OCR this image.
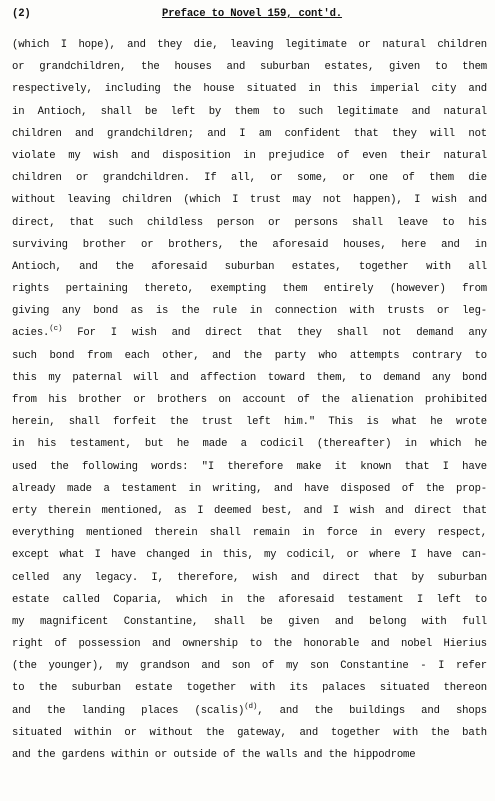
(2)	Preface to Novel 159, cont'd.
(which I hope), and they die, leaving legitimate or natural children
or grandchildren, the houses and suburban estates, given to them
respectively, including the house situated in this imperial city and
in Antioch, shall be left by them to such legitimate and natural
children and grandchildren; and I am confident that they will not
violate my wish and disposition in prejudice of even their natural
children or grandchildren. If all, or some, or one of them die
without leaving children (which I trust may not happen), I wish and
direct, that such childless person or persons shall leave to his
surviving brother or brothers, the aforesaid houses, here and in
Antioch, and the aforesaid suburban estates, together with all
rights pertaining thereto, exempting them entirely (however) from
giving any bond as is the rule in connection with trusts or leg-
acies.$^{(c)}$ For I wish and direct that they shall not demand any
such bond from each other, and the party who attempts contrary to
this my paternal will and affection toward them, to demand any bond
from his brother or brothers on account of the alienation prohibited
herein, shall forfeit the trust left him." This is what he wrote
in his testament, but he made a codicil (thereafter) in which he
used the following words: "I therefore make it known that I have
already made a testament in writing, and have disposed of the prop-
erty therein mentioned, as I deemed best, and I wish and direct that
everything mentioned therein shall remain in force in every respect,
except what I have changed in this, my codicil, or where I have can-
celled any legacy. I, therefore, wish and direct that by suburban
estate called Coparia, which in the aforesaid testament I left to
my magnificent Constantine, shall be given and belong with full
right of possession and ownership to the honorable and nobel Hierius
(the younger), my grandson and son of my son Constantine - I refer
to the suburban estate together with its palaces situated thereon
and the landing places (scalis)$^{(d)}$, and the buildings and shops
situated within or without the gateway, and together with the bath
and the gardens within or outside of the walls and the hippodrome
